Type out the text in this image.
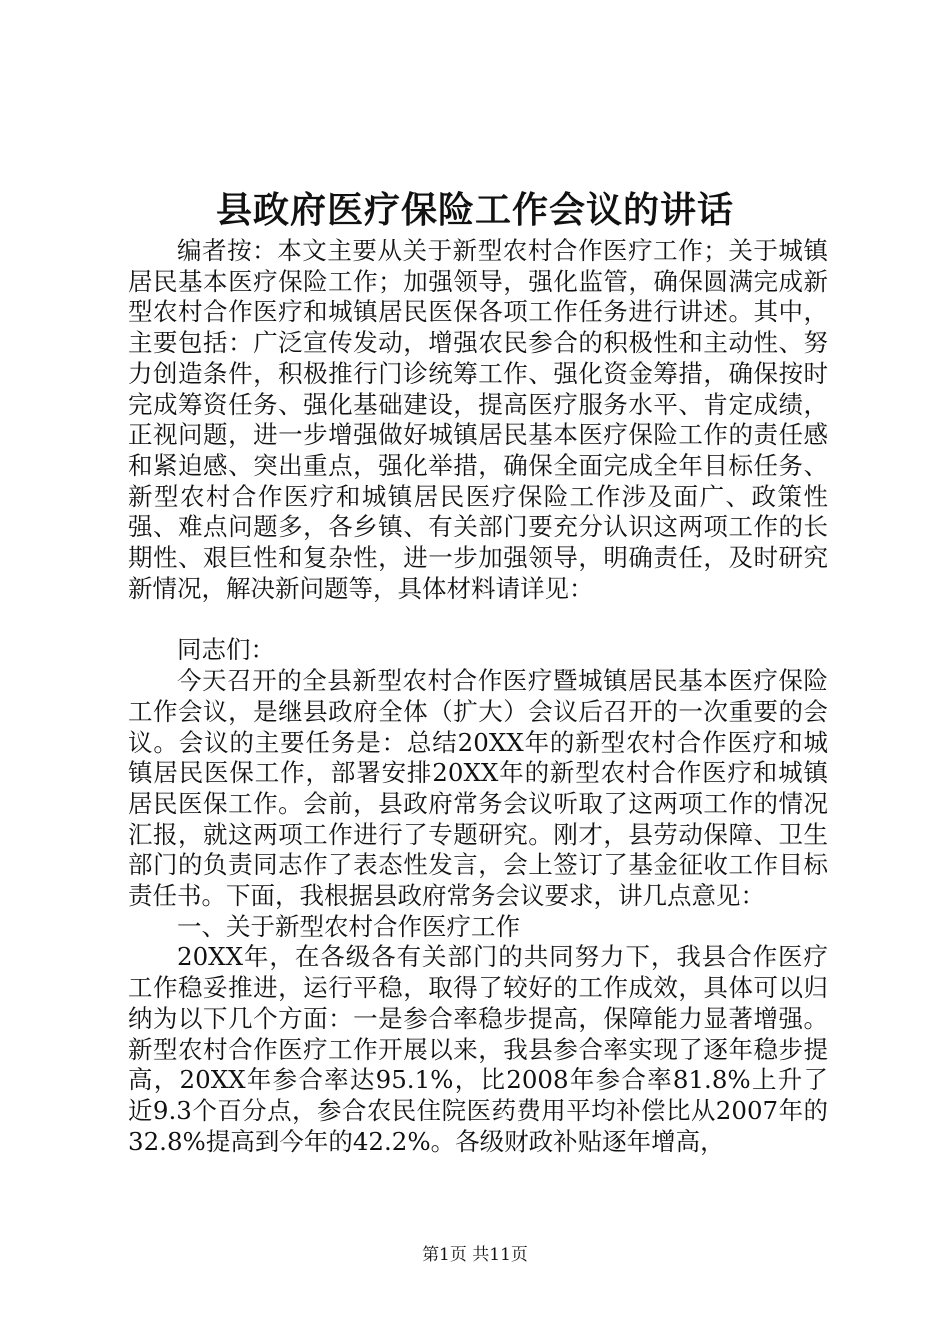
县政府医疗保险工作会议的讲话

编者按：本文主要从关于新型农村合作医疗工作；关于城镇居民基本医疗保险工作；加强领导，强化监管，确保圆满完成新型农村合作医疗和城镇居民医保各项工作任务进行讲述。其中，主要包括：广泛宣传发动，增强农民参合的积极性和主动性、努力创造条件，积极推行门诊统筹工作、强化资金筹措，确保按时完成筹资任务、强化基础建设，提高医疗服务水平、肯定成绩，正视问题，进一步增强做好城镇居民基本医疗保险工作的责任感和紧迫感、突出重点，强化举措，确保全面完成全年目标任务、新型农村合作医疗和城镇居民医疗保险工作涉及面广、政策性强、难点问题多，各乡镇、有关部门要充分认识这两项工作的长期性、艰巨性和复杂性，进一步加强领导，明确责任，及时研究新情况，解决新问题等，具体材料请详见：

同志们：

今天召开的全县新型农村合作医疗暨城镇居民基本医疗保险工作会议，是继县政府全体（扩大）会议后召开的一次重要的会议。会议的主要任务是：总结20XX年的新型农村合作医疗和城镇居民医保工作，部署安排20XX年的新型农村合作医疗和城镇居民医保工作。会前，县政府常务会议听取了这两项工作的情况汇报，就这两项工作进行了专题研究。刚才，县劳动保障、卫生部门的负责同志作了表态性发言，会上签订了基金征收工作目标责任书。下面，我根据县政府常务会议要求，讲几点意见：

一、关于新型农村合作医疗工作

20XX年，在各级各有关部门的共同努力下，我县合作医疗工作稳妥推进，运行平稳，取得了较好的工作成效，具体可以归纳为以下几个方面：一是参合率稳步提高，保障能力显著增强。新型农村合作医疗工作开展以来，我县参合率实现了逐年稳步提高，20XX年参合率达95.1%，比2008年参合率81.8%上升了近9.3个百分点，参合农民住院医药费用平均补偿比从2007年的32.8%提高到今年的42.2%。各级财政补贴逐年增高，

第1页 共11页
